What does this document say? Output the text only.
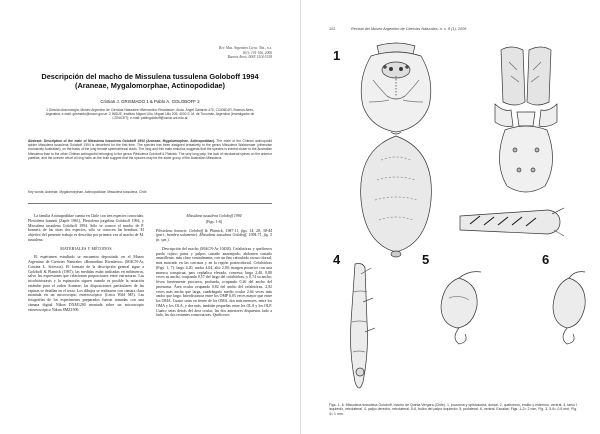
Rev. Mus. Argentino Cienc. Nat., n.s.
8(1): 101-106, 2006
Buenos Aires, ISSN 1514-5158
Descripción del macho de Missulena tussulena Goloboff 1994
(Araneae, Mygalomorphae, Actinopodidae)
Cristian J. GRISMADO 1 & Pablo A. GOLOBOFF 2
1 División Aracnología, Museo Argentino de Ciencias Naturales «Bernardino Rivadavia», Avda. Ángel Gallardo 470, C1405DJR, Buenos Aires, Argentina; e-mail: grismado@macn.gov.ar. 2 INSUE, Instituto Miguel Lillo, Miguel Lillo 205, 4000 S. M. de Tucumán, Argentina (investigador de CONICET); e-mail: pablogoloboff@csnat.unt.edu.ar
Abstract: Description of the male of Missulena tussulena Goloboff 1994 (Araneae, Mygalomorphae, Actinopodidae). The male of the Chilean actinopodid spider Missulena tussulena Goloboff 1994 is described for the first time. The species has been assigned tentatively to the genus Missulena Walckenaer (otherwise exclusively Australian), on the basis of the long female spermathecal ducts. The long and thin male embolus suggests that the species is indeed closer to the Australian Missulena than to the other Chilean actinopodid belonging to the genus Plesiolena Goloboff & Platnick. The very long palp, the lack of retrolateral spines on the anterior patellae, and the uneven whorl of long hairs on the bulb suggest that the species may be the sister group of the Australian Missulena.
Key words: Araneae, Mygalomorphae, Actinopodidae, Missulena tussulena, Chile

La familia Actinopodidae cuenta en Chile con tres especies conocidas: Plesiolena bonneti (Zapfe 1961), Plesiolena jorgelina Goloboff 1994, y Missulena tussulena Goloboff 1994. Sólo se conoce el macho de P. bonneti; de las otras dos especies, sólo se conocen las hembras. El objetivo del presente trabajo es describir por primera vez al macho de M. tussulena.

MATERIALES Y MÉTODOS

El espécimen estudiado se encuentra depositado en el Museo Argentino de Ciencias Naturales «Bernardino Rivadavia» (MACN-Ar, Cristina L. Scioscia). El formato de la descripción general sigue a Goloboff & Platnick (1987); las medidas están indicadas en milímetros, salvo las expresiones que relacionan proporciones entre estructuras. Las tricobotriotaxis y la espinación siguen cuando es posible la notación estándar para el orden Araneae; las disposiciones particulares de las espinas se detallan en el texto. Los dibujos se realizaron con cámara clara montada en un microscopio estereoscópico (Leica Wild M5). Las fotografías de los especímenes preparados fueron tomadas con una cámara digital Nikon DXM1200 montada sobre un microscopio estereoscópico Nikon SMZ1500.

Missulena tussulena Goloboff 1994
(Figs. 1-6)
Plesiolena bonneti: Goloboff & Platnick, 1987:11, figs. 14, 28, 38-44 (part., hembra solamente). Missulena tussulena Goloboff, 1994:71, fig. 5 (n. syn.).

Descripción del macho (MACN-Ar 10438). Cefalotórax y quelíceros pardo rojizo; patas y palpos castaño anaranjado; abdomen castaño amarillento, más claro ventralmente, con un fino reticulado oscuro dorsal, más marcado en las carcasas y en la región posterodorsal. Cefalotórax (Figs. 1, 7): largo 4,20, ancho 4,04, alto 2,00; margen posterior con una muesca conspicua; pars cephalica elevada, convexa; largo 2,40, 0,80 veces su ancho, ocupando 0,57 del largo del cefalotórax, y 0,74 su ancho; fóvea fuertemente procurva, profunda, ocupando 0,26 del ancho del proesoma. Área ocular ocupando 0,82 del ancho del cefalotórax, 2,92 veces más ancha que larga, cuadrángulo medio ocular 2,64 veces más ancho que largo. Interdistancia entre los OMP 6,05 veces mayor que entre los OMA. Cuatro setas en frente de los OMA, dos más menores, entre los OMA y los OLA, y dos más, también pequeñas entre los OLA y los OLP. Cuatro setas detrás del área ocular, las dos anteriores dispuestas lado a lado, las dos restantes consecutivas. Quelíceros

102	Revista del Museo Argentino de Ciencias Naturales, n. s. 8 (1), 2006
1
4	5	6
Figs. 1- 6. Missulena tussulena Goloboff, macho de Quinta Vergara (Chile). 1, prosoma y opistosoma, dorsal. 2, quelíceros, endito y esternón, ventral. 3, tarso I izquierdo, retrolateral. 4, palpo derecho, retrolateral. 5-6, bulbo del palpo izquierdo: 5, prolateral. 6, ventral. Escalas: Figs. 1-2= 2 mm, Fig. 3, 5-6= 0,5 mm, Fig. 4= 1 mm.
